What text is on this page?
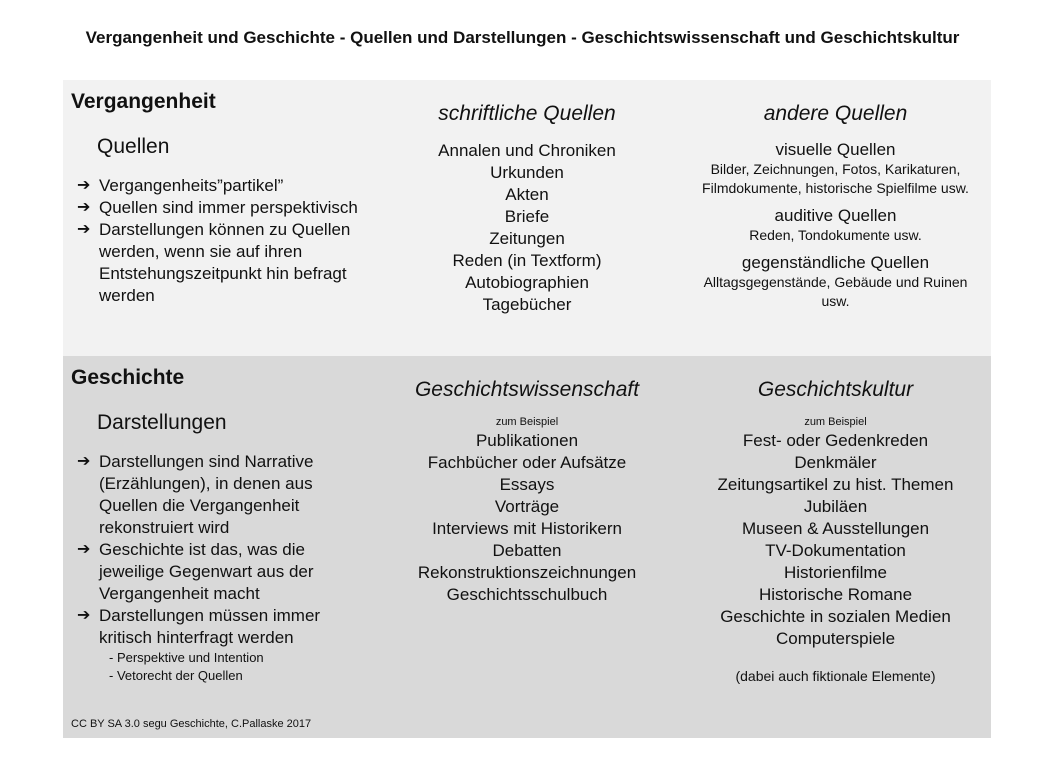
Vergangenheit und Geschichte - Quellen und Darstellungen - Geschichtswissenschaft und Geschichtskultur
Vergangenheit
Quellen
➔ Vergangenheits”partikel”
➔ Quellen sind immer perspektivisch
➔ Darstellungen können zu Quellen werden, wenn sie auf ihren Entstehungszeitpunkt hin befragt werden
schriftliche Quellen
Annalen und Chroniken
Urkunden
Akten
Briefe
Zeitungen
Reden (in Textform)
Autobiographien
Tagebücher
andere Quellen
visuelle Quellen
Bilder, Zeichnungen, Fotos, Karikaturen, Filmdokumente, historische Spielfilme usw.
auditive Quellen
Reden, Tondokumente usw.
gegenständliche Quellen
Alltagsgegenstände, Gebäude und Ruinen usw.
Geschichte
Darstellungen
➔ Darstellungen sind Narrative (Erzählungen), in denen aus Quellen die Vergangenheit rekonstruiert wird
➔ Geschichte ist das, was die jeweilige Gegenwart aus der Vergangenheit macht
➔ Darstellungen müssen immer kritisch hinterfragt werden
- Perspektive und Intention
- Vetorecht der Quellen
Geschichtswissenschaft
zum Beispiel
Publikationen
Fachbücher oder Aufsätze
Essays
Vorträge
Interviews mit Historikern
Debatten
Rekonstruktionszeichnungen
Geschichtsschulbuch
Geschichtskultur
zum Beispiel
Fest- oder Gedenkreden
Denkmäler
Zeitungsartikel zu hist. Themen
Jubiläen
Museen & Ausstellungen
TV-Dokumentation
Historienfilme
Historische Romane
Geschichte in sozialen Medien
Computerspiele
(dabei auch fiktionale Elemente)
CC BY SA 3.0 segu Geschichte, C.Pallaske 2017
